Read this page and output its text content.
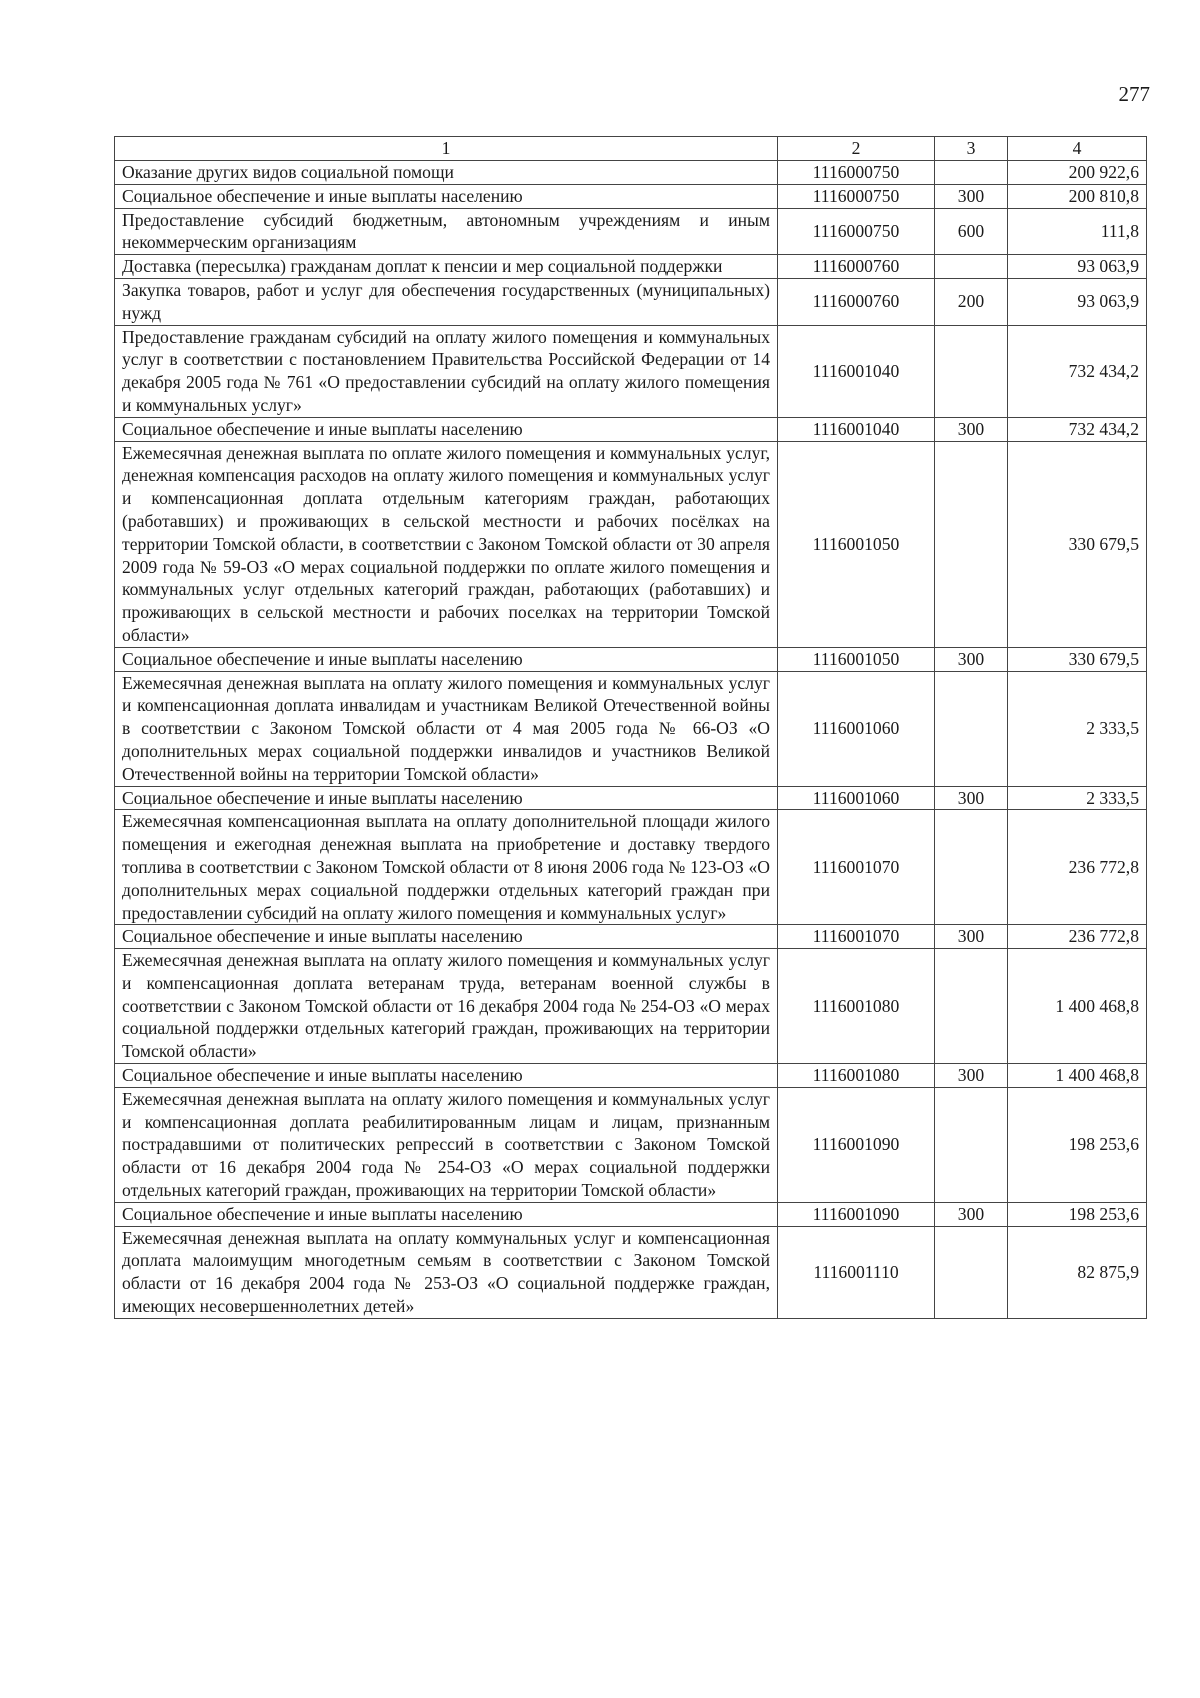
277
1	2	3	4
Оказание других видов социальной помощи	1116000750		200 922,6
Социальное обеспечение и иные выплаты населению	1116000750	300	200 810,8
Предоставление субсидий бюджетным, автономным учреждениям и иным некоммерческим организациям	1116000750	600	111,8
Доставка (пересылка) гражданам доплат к пенсии и мер социальной поддержки	1116000760		93 063,9
Закупка товаров, работ и услуг для обеспечения государственных (муниципальных) нужд	1116000760	200	93 063,9
Предоставление гражданам субсидий на оплату жилого помещения и коммунальных услуг в соответствии с постановлением Правительства Российской Федерации от 14 декабря 2005 года № 761 «О предоставлении субсидий на оплату жилого помещения и коммунальных услуг»	1116001040		732 434,2
Социальное обеспечение и иные выплаты населению	1116001040	300	732 434,2
Ежемесячная денежная выплата по оплате жилого помещения и коммунальных услуг, денежная компенсация расходов на оплату жилого помещения и коммунальных услуг и компенсационная доплата отдельным категориям граждан, работающих (работавших) и проживающих в сельской местности и рабочих посёлках на территории Томской области, в соответствии с Законом Томской области от 30 апреля 2009 года № 59-ОЗ «О мерах социальной поддержки по оплате жилого помещения и коммунальных услуг отдельных категорий граждан, работающих (работавших) и проживающих в сельской местности и рабочих поселках на территории Томской области»	1116001050		330 679,5
Социальное обеспечение и иные выплаты населению	1116001050	300	330 679,5
Ежемесячная денежная выплата на оплату жилого помещения и коммунальных услуг и компенсационная доплата инвалидам и участникам Великой Отечественной войны в соответствии с Законом Томской области от 4 мая 2005 года № 66-ОЗ «О дополнительных мерах социальной поддержки инвалидов и участников Великой Отечественной войны на территории Томской области»	1116001060		2 333,5
Социальное обеспечение и иные выплаты населению	1116001060	300	2 333,5
Ежемесячная компенсационная выплата на оплату дополнительной площади жилого помещения и ежегодная денежная выплата на приобретение и доставку твердого топлива в соответствии с Законом Томской области от 8 июня 2006 года № 123-ОЗ «О дополнительных мерах социальной поддержки отдельных категорий граждан при предоставлении субсидий на оплату жилого помещения и коммунальных услуг»	1116001070		236 772,8
Социальное обеспечение и иные выплаты населению	1116001070	300	236 772,8
Ежемесячная денежная выплата на оплату жилого помещения и коммунальных услуг и компенсационная доплата ветеранам труда, ветеранам военной службы в соответствии с Законом Томской области от 16 декабря 2004 года № 254-ОЗ «О мерах социальной поддержки отдельных категорий граждан, проживающих на территории Томской области»	1116001080		1 400 468,8
Социальное обеспечение и иные выплаты населению	1116001080	300	1 400 468,8
Ежемесячная денежная выплата на оплату жилого помещения и коммунальных услуг и компенсационная доплата реабилитированным лицам и лицам, признанным пострадавшими от политических репрессий в соответствии с Законом Томской области от 16 декабря 2004 года № 254-ОЗ «О мерах социальной поддержки отдельных категорий граждан, проживающих на территории Томской области»	1116001090		198 253,6
Социальное обеспечение и иные выплаты населению	1116001090	300	198 253,6
Ежемесячная денежная выплата на оплату коммунальных услуг и компенсационная доплата малоимущим многодетным семьям в соответствии с Законом Томской области от 16 декабря 2004 года № 253-ОЗ «О социальной поддержке граждан, имеющих несовершеннолетних детей»	1116001110		82 875,9
